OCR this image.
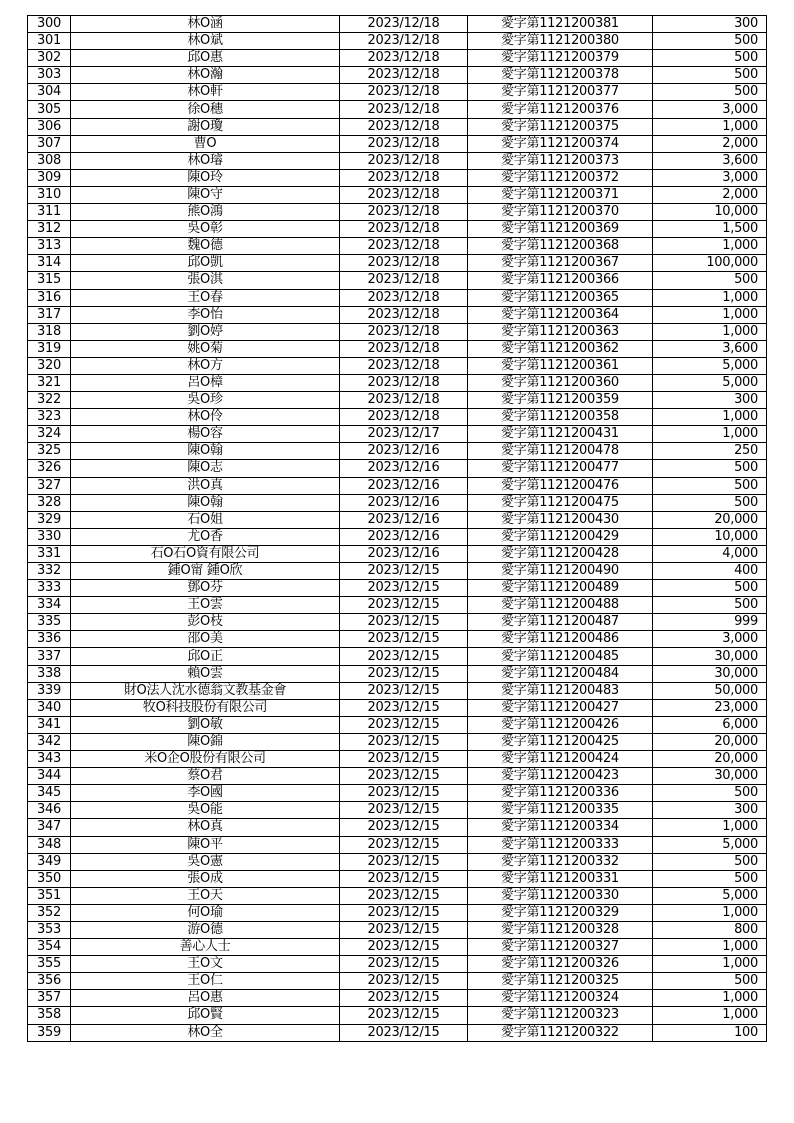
300	林O涵	2023/12/18	愛字第1121200381	300
301	林O斌	2023/12/18	愛字第1121200380	500
302	邱O惠	2023/12/18	愛字第1121200379	500
303	林O瀚	2023/12/18	愛字第1121200378	500
304	林O軒	2023/12/18	愛字第1121200377	500
305	徐O穗	2023/12/18	愛字第1121200376	3,000
306	謝O瓊	2023/12/18	愛字第1121200375	1,000
307	曹O	2023/12/18	愛字第1121200374	2,000
308	林O璿	2023/12/18	愛字第1121200373	3,600
309	陳O玲	2023/12/18	愛字第1121200372	3,000
310	陳O守	2023/12/18	愛字第1121200371	2,000
311	熊O鴻	2023/12/18	愛字第1121200370	10,000
312	吳O彰	2023/12/18	愛字第1121200369	1,500
313	魏O德	2023/12/18	愛字第1121200368	1,000
314	邱O凱	2023/12/18	愛字第1121200367	100,000
315	張O淇	2023/12/18	愛字第1121200366	500
316	王O春	2023/12/18	愛字第1121200365	1,000
317	李O怡	2023/12/18	愛字第1121200364	1,000
318	劉O婷	2023/12/18	愛字第1121200363	1,000
319	姚O菊	2023/12/18	愛字第1121200362	3,600
320	林O方	2023/12/18	愛字第1121200361	5,000
321	呂O樟	2023/12/18	愛字第1121200360	5,000
322	吳O珍	2023/12/18	愛字第1121200359	300
323	林O伶	2023/12/18	愛字第1121200358	1,000
324	楊O容	2023/12/17	愛字第1121200431	1,000
325	陳O翰	2023/12/16	愛字第1121200478	250
326	陳O志	2023/12/16	愛字第1121200477	500
327	洪O真	2023/12/16	愛字第1121200476	500
328	陳O翰	2023/12/16	愛字第1121200475	500
329	石O姐	2023/12/16	愛字第1121200430	20,000
330	尤O香	2023/12/16	愛字第1121200429	10,000
331	石O石O資有限公司	2023/12/16	愛字第1121200428	4,000
332	鍾O甯 鍾O欣	2023/12/15	愛字第1121200490	400
333	鄧O芬	2023/12/15	愛字第1121200489	500
334	王O雲	2023/12/15	愛字第1121200488	500
335	彭O枝	2023/12/15	愛字第1121200487	999
336	邵O美	2023/12/15	愛字第1121200486	3,000
337	邱O正	2023/12/15	愛字第1121200485	30,000
338	賴O雲	2023/12/15	愛字第1121200484	30,000
339	財O法人沈水德翁文教基金會	2023/12/15	愛字第1121200483	50,000
340	牧O科技股份有限公司	2023/12/15	愛字第1121200427	23,000
341	劉O敏	2023/12/15	愛字第1121200426	6,000
342	陳O錦	2023/12/15	愛字第1121200425	20,000
343	米O企O股份有限公司	2023/12/15	愛字第1121200424	20,000
344	蔡O君	2023/12/15	愛字第1121200423	30,000
345	李O國	2023/12/15	愛字第1121200336	500
346	吳O能	2023/12/15	愛字第1121200335	300
347	林O真	2023/12/15	愛字第1121200334	1,000
348	陳O平	2023/12/15	愛字第1121200333	5,000
349	吳O憲	2023/12/15	愛字第1121200332	500
350	張O成	2023/12/15	愛字第1121200331	500
351	王O天	2023/12/15	愛字第1121200330	5,000
352	何O瑜	2023/12/15	愛字第1121200329	1,000
353	游O德	2023/12/15	愛字第1121200328	800
354	善心人士	2023/12/15	愛字第1121200327	1,000
355	王O文	2023/12/15	愛字第1121200326	1,000
356	王O仁	2023/12/15	愛字第1121200325	500
357	呂O惠	2023/12/15	愛字第1121200324	1,000
358	邱O賢	2023/12/15	愛字第1121200323	1,000
359	林O全	2023/12/15	愛字第1121200322	100
